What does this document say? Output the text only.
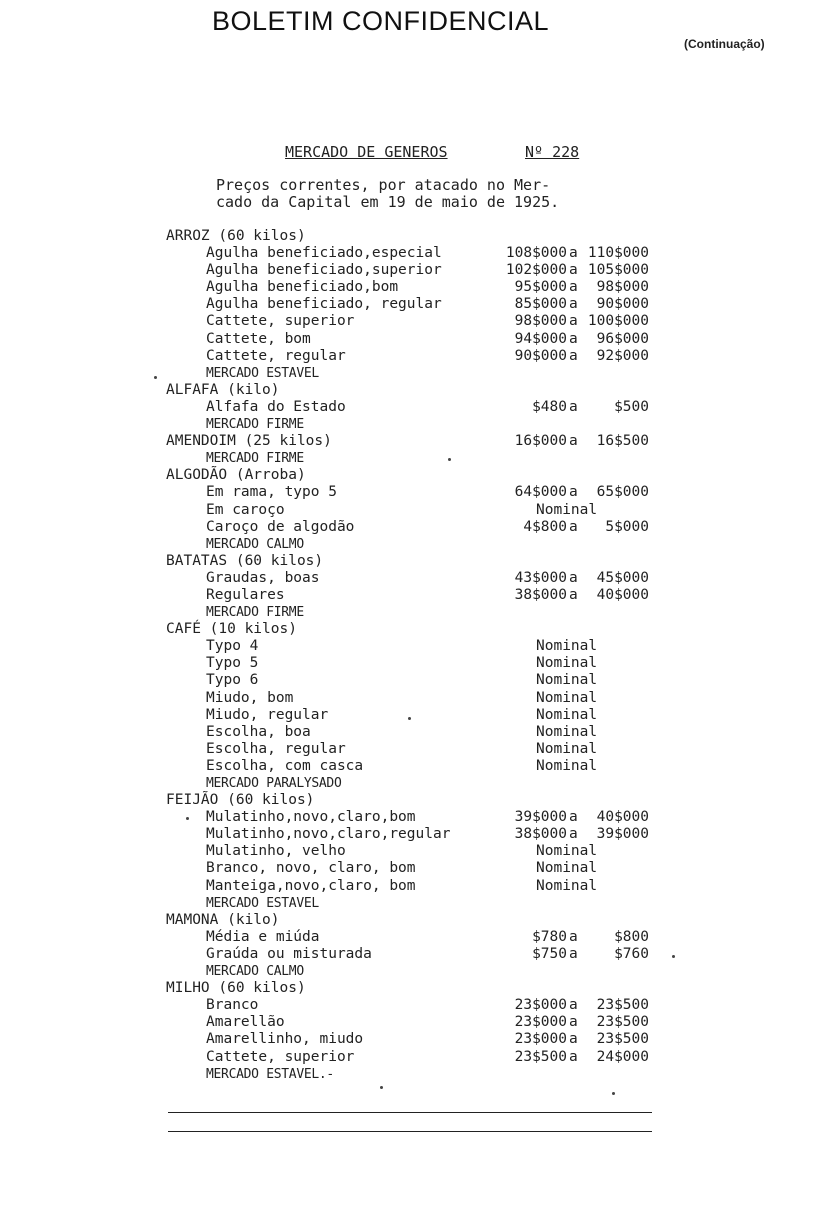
BOLETIM CONFIDENCIAL
(Continuação)
MERCADO DE GENEROS	Nº 228
Preços correntes, por atacado no Mer-
cado da Capital em 19 de maio de 1925.
ARROZ (60 kilos)
Agulha beneficiado,especial	108$000 a 110$000
Agulha beneficiado,superior	102$000 a 105$000
Agulha beneficiado,bom	95$000 a 98$000
Agulha beneficiado, regular	85$000 a 90$000
Cattete, superior	98$000 a 100$000
Cattete, bom	94$000 a 96$000
Cattete, regular	90$000 a 92$000
MERCADO ESTAVEL
ALFAFA (kilo)
Alfafa do Estado	$480 a	$500
MERCADO FIRME
AMENDOIM (25 kilos)	16$000 a 16$500
MERCADO FIRME
ALGODÃO (Arroba)
Em rama, typo 5	64$000 a 65$000
Em caroço	Nominal
Caroço de algodão	4$800 a 5$000
MERCADO CALMO
BATATAS (60 kilos)
Graudas, boas	43$000 a 45$000
Regulares	38$000 a 40$000
MERCADO FIRME
CAFÉ (10 kilos)
Typo 4	Nominal
Typo 5	Nominal
Typo 6	Nominal
Miudo, bom	Nominal
Miudo, regular	Nominal
Escolha, boa	Nominal
Escolha, regular	Nominal
Escolha, com casca	Nominal
MERCADO PARALYSADO
FEIJÃO (60 kilos)
Mulatinho,novo,claro,bom	39$000 a 40$000
Mulatinho,novo,claro,regular	38$000 a 39$000
Mulatinho, velho	Nominal
Branco, novo, claro, bom	Nominal
Manteiga,novo,claro, bom	Nominal
MERCADO ESTAVEL
MAMONA (kilo)
Média e miúda	$780 a	$800
Graúda ou misturada	$750 a	$760
MERCADO CALMO
MILHO (60 kilos)
Branco	23$000 a 23$500
Amarellão	23$000 a 23$500
Amarellinho, miudo	23$000 a 23$500
Cattete, superior	23$500 a 24$000
MERCADO ESTAVEL.-
